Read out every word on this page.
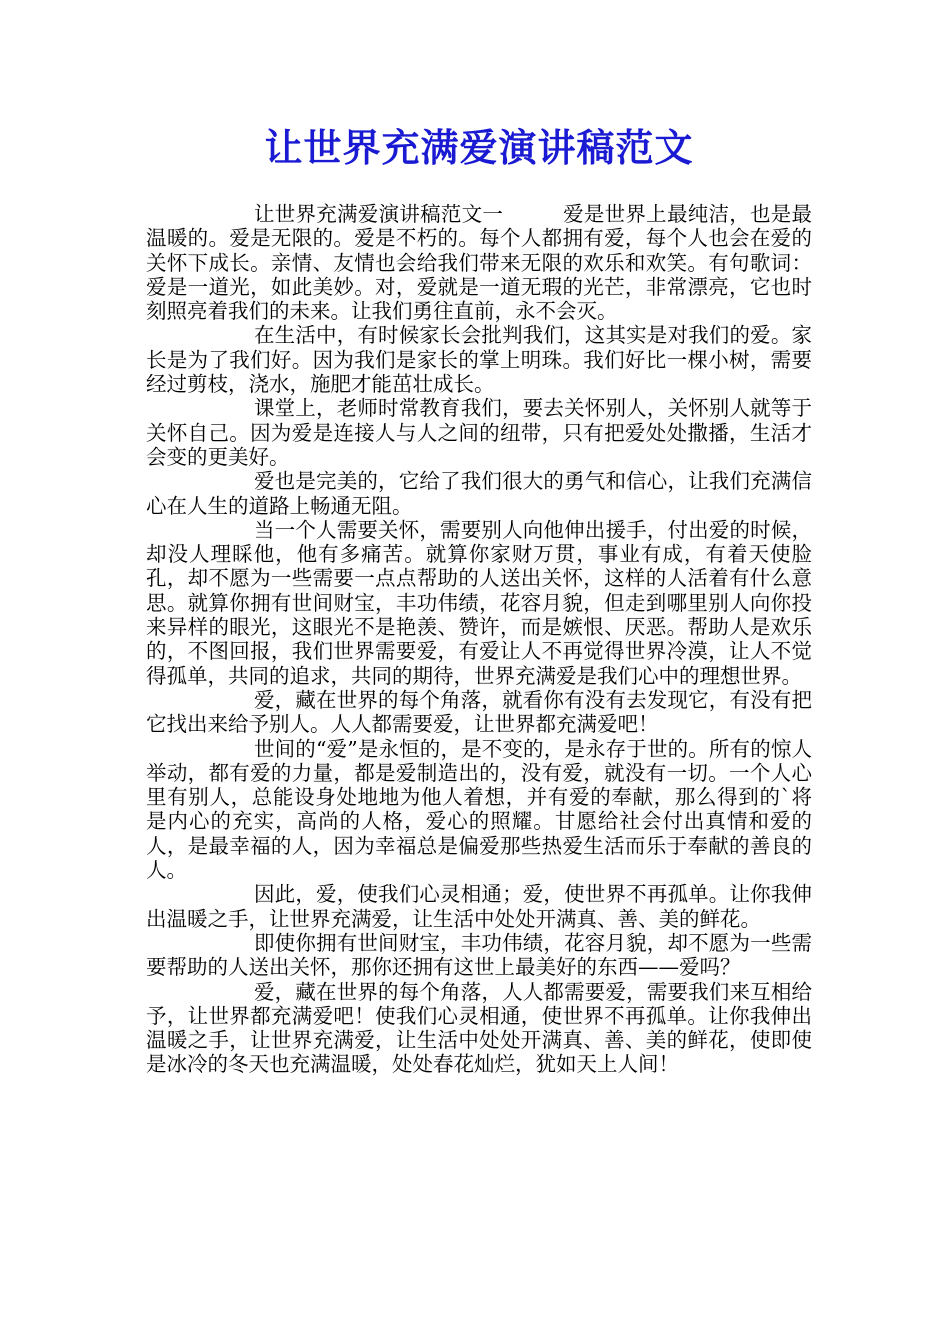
让世界充满爱演讲稿范文

让世界充满爱演讲稿范文一	爱是世界上最纯洁，也是最温暖的。爱是无限的。爱是不朽的。每个人都拥有爱，每个人也会在爱的关怀下成长。亲情、友情也会给我们带来无限的欢乐和欢笑。有句歌词：爱是一道光，如此美妙。对，爱就是一道无瑕的光芒，非常漂亮，它也时刻照亮着我们的未来。让我们勇往直前，永不会灭。

在生活中，有时候家长会批判我们，这其实是对我们的爱。家长是为了我们好。因为我们是家长的掌上明珠。我们好比一棵小树，需要经过剪枝，浇水，施肥才能茁壮成长。

课堂上，老师时常教育我们，要去关怀别人，关怀别人就等于关怀自己。因为爱是连接人与人之间的纽带，只有把爱处处撒播，生活才会变的更美好。

爱也是完美的，它给了我们很大的勇气和信心，让我们充满信心在人生的道路上畅通无阻。

当一个人需要关怀，需要别人向他伸出援手，付出爱的时候，却没人理睬他，他有多痛苦。就算你家财万贯，事业有成，有着天使脸孔，却不愿为一些需要一点点帮助的人送出关怀，这样的人活着有什么意思。就算你拥有世间财宝，丰功伟绩，花容月貌，但走到哪里别人向你投来异样的眼光，这眼光不是艳羡、赞许，而是嫉恨、厌恶。帮助人是欢乐的，不图回报，我们世界需要爱，有爱让人不再觉得世界冷漠，让人不觉得孤单，共同的追求，共同的期待，世界充满爱是我们心中的理想世界。

爱，藏在世界的每个角落，就看你有没有去发现它，有没有把它找出来给予别人。人人都需要爱，让世界都充满爱吧！

世间的“爱”是永恒的，是不变的，是永存于世的。所有的惊人举动，都有爱的力量，都是爱制造出的，没有爱，就没有一切。一个人心里有别人，总能设身处地地为他人着想，并有爱的奉献，那么得到的`将是内心的充实，高尚的人格，爱心的照耀。甘愿给社会付出真情和爱的人，是最幸福的人，因为幸福总是偏爱那些热爱生活而乐于奉献的善良的人。

因此，爱，使我们心灵相通；爱，使世界不再孤单。让你我伸出温暖之手，让世界充满爱，让生活中处处开满真、善、美的鲜花。

即使你拥有世间财宝，丰功伟绩，花容月貌，却不愿为一些需要帮助的人送出关怀，那你还拥有这世上最美好的东西——爱吗？

爱，藏在世界的每个角落，人人都需要爱，需要我们来互相给予，让世界都充满爱吧！使我们心灵相通，使世界不再孤单。让你我伸出温暖之手，让世界充满爱，让生活中处处开满真、善、美的鲜花，使即使是冰冷的冬天也充满温暖，处处春花灿烂，犹如天上人间！
